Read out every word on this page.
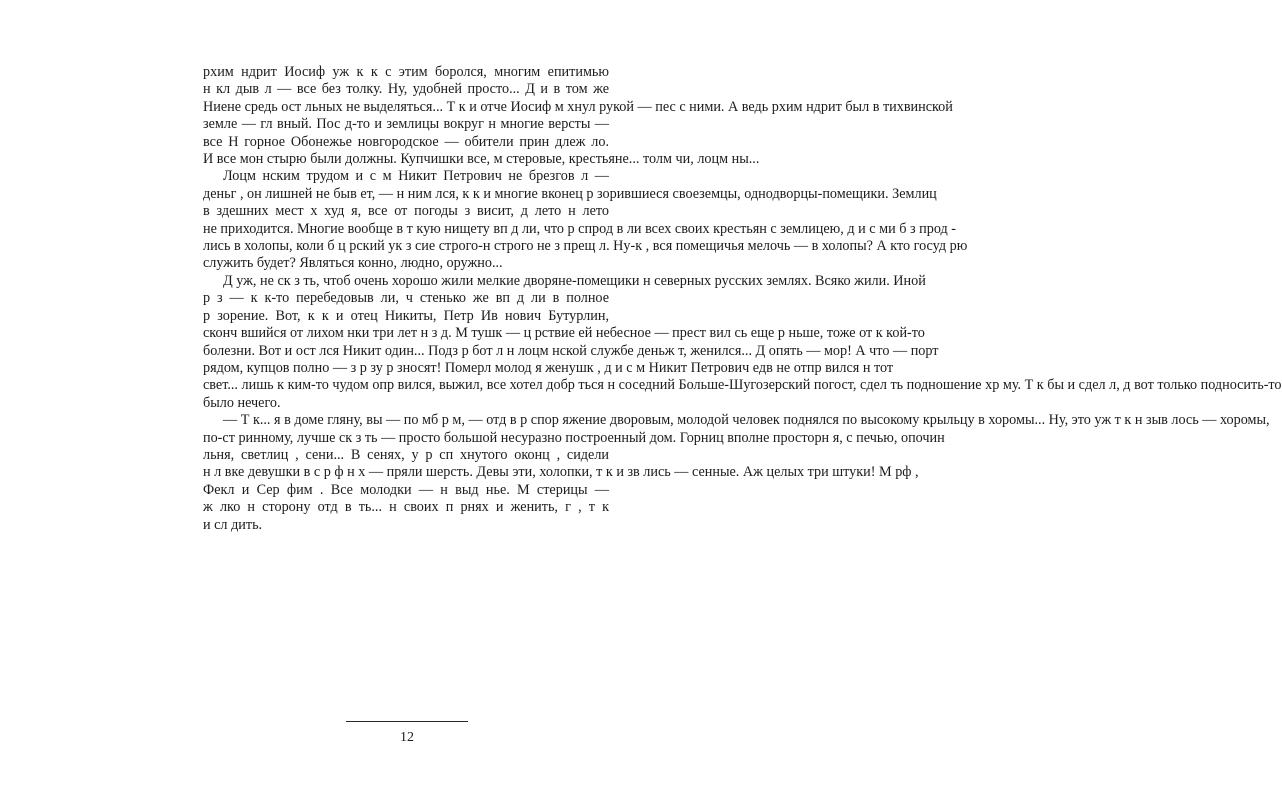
рхим ндрит Иосиф уж к к с этим боролся, многим епитимью
н кл дыв л — все без толку. Ну, удобней просто... Д и в том же
Ниене средь ост льных не выделяться... Т к и отче Иосиф м хнул рукой — пес с ними. А ведь рхим ндрит был в тихвинской
земле — гл вный. Пос д-то и землицы вокруг н многие версты —
все Н горное Обонежье новгородское — обители прин длеж ло.
И все мон стырю были должны. Купчишки все, м стеровые, крестьяне... толм чи, лоцм ны...
Лоцм нским трудом и с м Никит Петрович не брезгов л —
деньг , он лишней не быв ет, — н ним лся, к к и многие вконец р зорившиеся своеземцы, однодворцы-помещики. Землиц
в здешних мест х худ я, все от погоды з висит, д лето н лето
не приходится. Многие вообще в т кую нищету вп д ли, что р спрод в ли всех своих крестьян с землицею, д и с ми б з прод -
лись в холопы, коли б ц рский ук з сие строго-н строго не з прещ л. Ну-к , вся помещичья мелочь — в холопы? А кто госуд рю
служить будет? Являться конно, людно, оружно...
Д уж, не ск з ть, чтоб очень хорошо жили мелкие дворяне-помещики н северных русских землях. Всяко жили. Иной
р з — к к-то перебедовыв ли, ч стенько же вп д ли в полное
р зорение. Вот, к к и отец Никиты, Петр Ив нович Бутурлин,
сконч вшийся от лихом нки три лет н з д. М тушк — ц рствие ей небесное — прест вил сь еще р ньше, тоже от к кой-то
болезни. Вот и ост лся Никит один... Подз р бот л н лоцм нской службе деньж т, женился... Д опять — мор! А что — порт
рядом, купцов полно — з р зу р зносят! Померл молод я женушк , д и с м Никит Петрович едв не отпр вился н тот
свет... лишь к ким-то чудом опр вился, выжил, все хотел добр ться н соседний Больше-Шугозерский погост, сдел ть подношение хр му. Т к бы и сдел л, д вот только подносить-то
было нечего.
— Т к... я в доме гляну, вы — по мб р м, — отд в р спор яжение дворовым, молодой человек поднялся по высокому крыльцу в хоромы... Ну, это уж т к н зыв лось — хоромы,
по-ст ринному, лучше ск з ть — просто большой несуразно построенный дом. Горниц вполне просторн я, с печью, опочин
льня, светлиц , сени... В сенях, у р сп хнутого оконц , сидели
н л вке девушки в с р ф н х — пряли шерсть. Девы эти, холопки, т к и зв лись — сенные. Аж целых три штуки! М рф ,
Фекл и Сер фим . Все молодки — н выд нье. М стерицы —
ж лко н сторону отд в ть... н своих п рнях и женить, г , т к
и сл дить.
12
